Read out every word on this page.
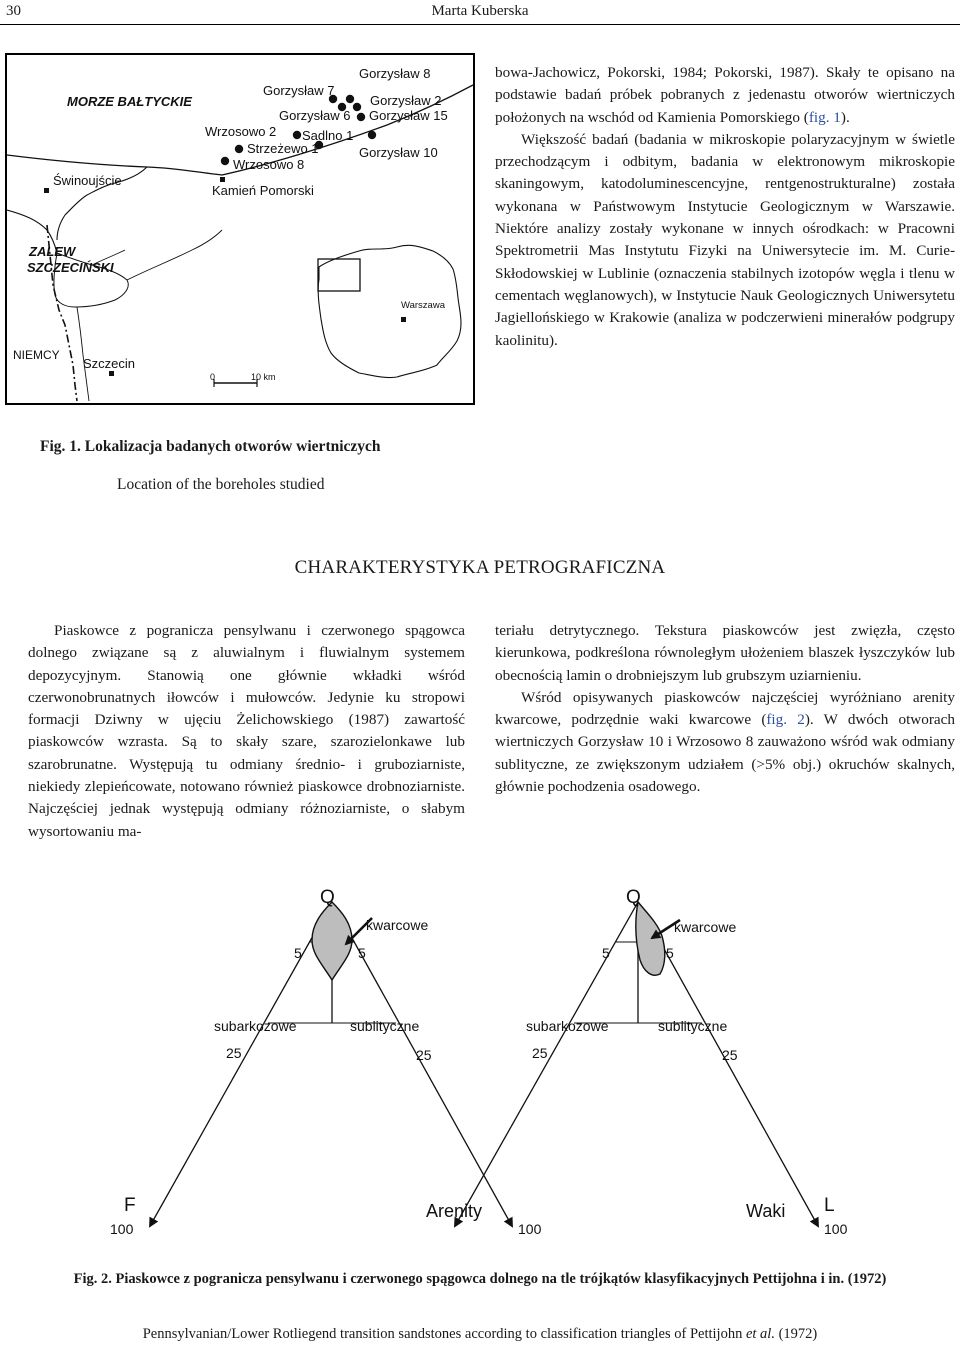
30	Marta Kuberska
MORZE BAŁTYCKIE
Gorzysław 7
Gorzysław 8
Gorzysław 2
Gorzysław 6 Gorzysław 15
Wrzosowo 2 Sadlno 1
Strzeżewo 1	Gorzysław 10
Wrzosowo 8
Kamień Pomorski
Świnoujście
ZALEW
SZCZECIŃSKI
NIEMCY
Szczecin
Warszawa
0	10 km
Fig. 1. Lokalizacja badanych otworów wiertniczych
Location of the boreholes studied

bowa-Jachowicz, Pokorski, 1984; Pokorski, 1987). Skały te opisano na podstawie badań próbek pobranych z jedenastu otworów wiertniczych położonych na wschód od Kamienia Pomorskiego (fig. 1).

Większość badań (badania w mikroskopie polaryzacyjnym w świetle przechodzącym i odbitym, badania w elektronowym mikroskopie skaningowym, katodoluminescencyjne, rentgenostrukturalne) została wykonana w Państwowym Instytucie Geologicznym w Warszawie. Niektóre analizy zostały wykonane w innych ośrodkach: w Pracowni Spektrometrii Mas Instytutu Fizyki na Uniwersytecie im. M. Curie-Skłodowskiej w Lublinie (oznaczenia stabilnych izotopów węgla i tlenu w cementach węglanowych), w Instytucie Nauk Geologicznych Uniwersytetu Jagiellońskiego w Krakowie (analiza w podczerwieni minerałów podgrupy kaolinitu).

CHARAKTERYSTYKA PETROGRAFICZNA

Piaskowce z pogranicza pensylwanu i czerwonego spągowca dolnego związane są z aluwialnym i fluwialnym systemem depozycyjnym. Stanowią one głównie wkładki wśród czerwonobrunatnych iłowców i mułowców. Jedynie ku stropowi formacji Dziwny w ujęciu Żelichowskiego (1987) zawartość piaskowców wzrasta. Są to skały szare, szarozielonkawe lub szarobrunatne. Występują tu odmiany średnio- i gruboziarniste, niekiedy zlepieńcowate, notowano również piaskowce drobnoziarniste. Najczęściej jednak występują odmiany różnoziarniste, o słabym wysortowaniu ma-

teriału detrytycznego. Tekstura piaskowców jest zwięzła, często kierunkowa, podkreślona równoległym ułożeniem blaszek łyszczyków lub obecnością lamin o drobniejszym lub grubszym uziarnieniu.

Wśród opisywanych piaskowców najczęściej wyróżniano arenity kwarcowe, podrzędnie waki kwarcowe (fig. 2). W dwóch otworach wiertniczych Gorzysław 10 i Wrzosowo 8 zauważono wśród wak odmiany sublityczne, ze zwiększonym udziałem (>5% obj.) okruchów skalnych, głównie pochodzenia osadowego.

Q
kwarcowe
5	5
subarkozowe	sublityczne
25	25
F
100
Arenity
100
Q
kwarcowe
5	5
subarkozowe	sublityczne
25	25
Waki L
100
Fig. 2. Piaskowce z pogranicza pensylwanu i czerwonego spągowca dolnego na tle trójkątów klasyfikacyjnych Pettijohna i in. (1972)
Pennsylvanian/Lower Rotliegend transition sandstones according to classification triangles of Pettijohn et al. (1972)
